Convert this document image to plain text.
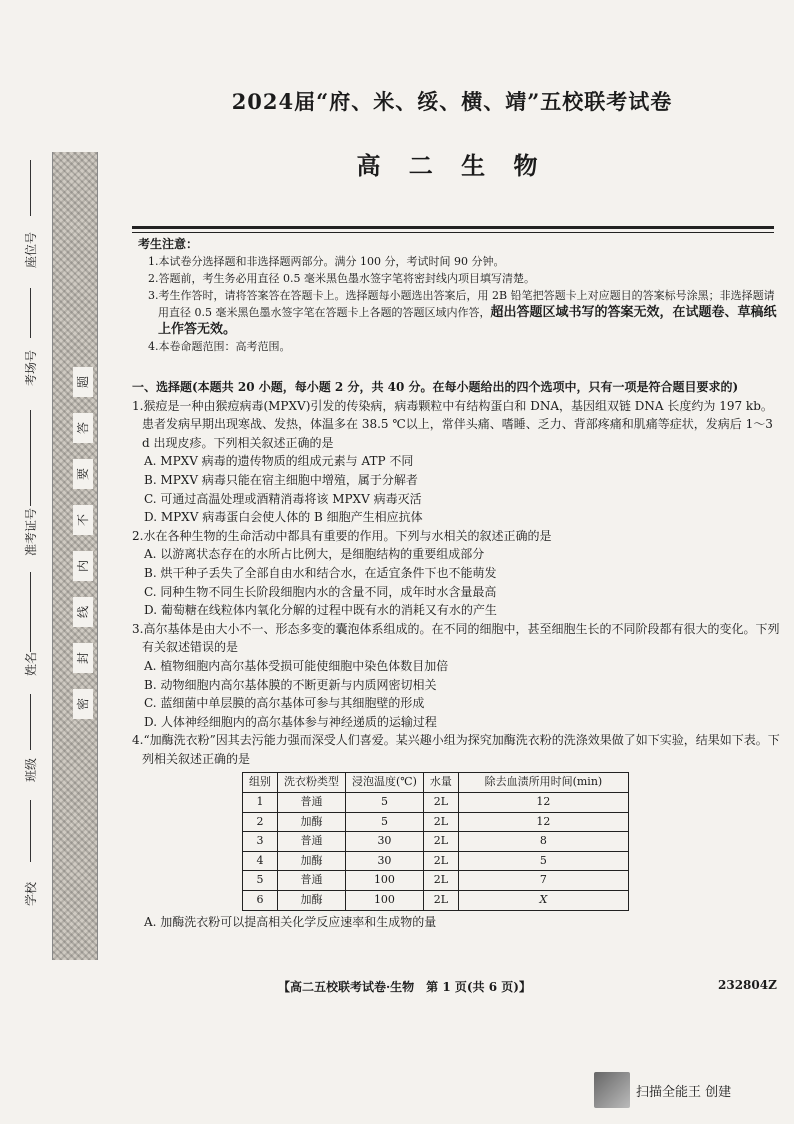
题
答
要
不
内
线
封
密
座位号
考场号
准考证号
姓名
班级
学校
2024届“府、米、绥、横、靖”五校联考试卷
高 二 生 物
考生注意：

1.本试卷分选择题和非选择题两部分。满分 100 分，考试时间 90 分钟。

2.答题前，考生务必用直径 0.5 毫米黑色墨水签字笔将密封线内项目填写清楚。

3.考生作答时，请将答案答在答题卡上。选择题每小题选出答案后，用 2B 铅笔把答题卡上对应题目的答案标号涂黑；非选择题请用直径 0.5 毫米黑色墨水签字笔在答题卡上各题的答题区域内作答，超出答题区域书写的答案无效，在试题卷、草稿纸上作答无效。

4.本卷命题范围：高考范围。

一、选择题(本题共 20 小题，每小题 2 分，共 40 分。在每小题给出的四个选项中，只有一项是符合题目要求的)
1.猴痘是一种由猴痘病毒(MPXV)引发的传染病，病毒颗粒中有结构蛋白和 DNA，基因组双链 DNA 长度约为 197 kb。患者发病早期出现寒战、发热，体温多在 38.5 ℃以上，常伴头痛、嗜睡、乏力、背部疼痛和肌痛等症状，发病后 1～3 d 出现皮疹。下列相关叙述正确的是
A. MPXV 病毒的遗传物质的组成元素与 ATP 不同
B. MPXV 病毒只能在宿主细胞中增殖，属于分解者
C. 可通过高温处理或酒精消毒将该 MPXV 病毒灭活
D. MPXV 病毒蛋白会使人体的 B 细胞产生相应抗体
2.水在各种生物的生命活动中都具有重要的作用。下列与水相关的叙述正确的是
A. 以游离状态存在的水所占比例大，是细胞结构的重要组成部分
B. 烘干种子丢失了全部自由水和结合水，在适宜条件下也不能萌发
C. 同种生物不同生长阶段细胞内水的含量不同，成年时水含量最高
D. 葡萄糖在线粒体内氧化分解的过程中既有水的消耗又有水的产生
3.高尔基体是由大小不一、形态多变的囊泡体系组成的。在不同的细胞中，甚至细胞生长的不同阶段都有很大的变化。下列有关叙述错误的是
A. 植物细胞内高尔基体受损可能使细胞中染色体数目加倍
B. 动物细胞内高尔基体膜的不断更新与内质网密切相关
C. 蓝细菌中单层膜的高尔基体可参与其细胞壁的形成
D. 人体神经细胞内的高尔基体参与神经递质的运输过程
4.“加酶洗衣粉”因其去污能力强而深受人们喜爱。某兴趣小组为探究加酶洗衣粉的洗涤效果做了如下实验，结果如下表。下列相关叙述正确的是
组别	洗衣粉类型	浸泡温度(℃)	水量	除去血渍所用时间(min)
1	普通	5	2L	12
2	加酶	5	2L	12
3	普通	30	2L	8
4	加酶	30	2L	5
5	普通	100	2L	7
6	加酶	100	2L	X
A. 加酶洗衣粉可以提高相关化学反应速率和生成物的量
【高二五校联考试卷·生物　第 1 页(共 6 页)】	232804Z
扫描全能王 创建
